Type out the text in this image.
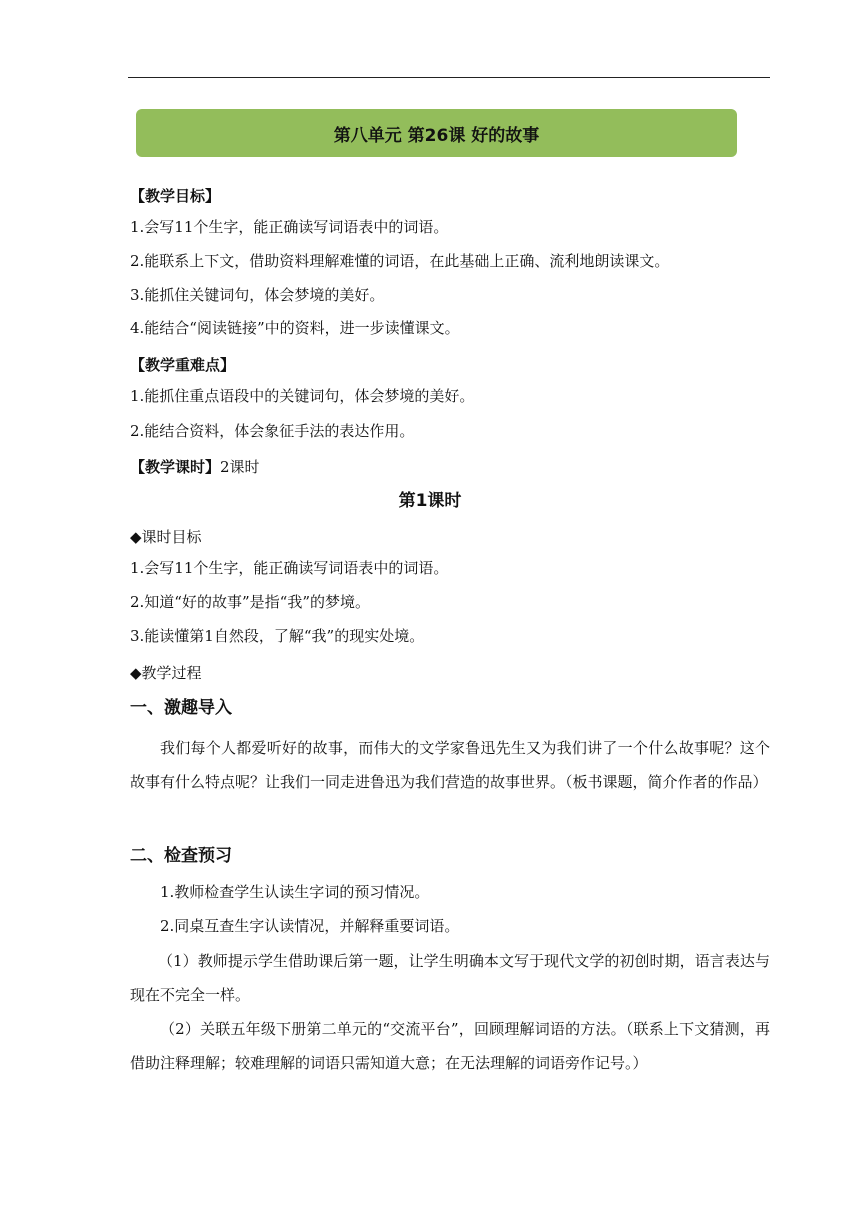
第八单元 第26课 好的故事
【教学目标】
1.会写11个生字，能正确读写词语表中的词语。
2.能联系上下文，借助资料理解难懂的词语，在此基础上正确、流利地朗读课文。
3.能抓住关键词句，体会梦境的美好。
4.能结合“阅读链接”中的资料，进一步读懂课文。
【教学重难点】
1.能抓住重点语段中的关键词句，体会梦境的美好。
2.能结合资料，体会象征手法的表达作用。
【教学课时】2课时
第1课时
◆课时目标
1.会写11个生字，能正确读写词语表中的词语。
2.知道“好的故事”是指“我”的梦境。
3.能读懂第1自然段，了解“我”的现实处境。
◆教学过程
一、激趣导入
我们每个人都爱听好的故事，而伟大的文学家鲁迅先生又为我们讲了一个什么故事呢？这个故事有什么特点呢？让我们一同走进鲁迅为我们营造的故事世界。（板书课题，简介作者的作品）
二、检查预习
1.教师检查学生认读生字词的预习情况。
2.同桌互查生字认读情况，并解释重要词语。
（1）教师提示学生借助课后第一题，让学生明确本文写于现代文学的初创时期，语言表达与现在不完全一样。
（2）关联五年级下册第二单元的“交流平台”，回顾理解词语的方法。（联系上下文猜测，再借助注释理解；较难理解的词语只需知道大意；在无法理解的词语旁作记号。）
